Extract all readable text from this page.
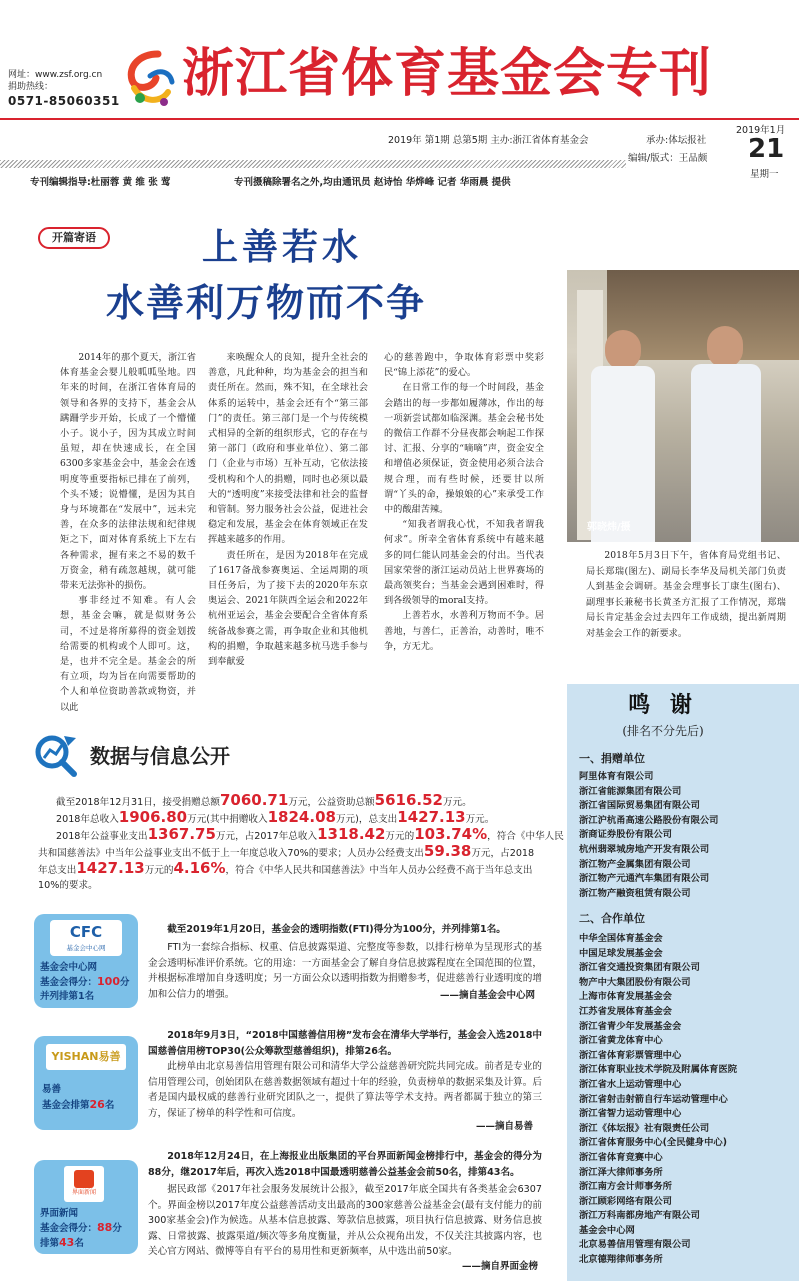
网址：www.zsf.org.cn
捐助热线：
0571-85060351 浙江省体育基金会专刊
2019年 第1期 总第5期 主办:浙江省体育基金会	承办:体坛报社
编辑/版式：王品颇
2019年1月
21
星期一
专刊编辑指导:杜丽蓉 黄 维 张 莺	专刊摄稿除署名之外,均由通讯员 赵诗怡 华烨峰 记者 华雨晨 提供
开篇寄语	上善若水
水善利万物而不争

2014年的那个夏天，浙江省体育基金会婴儿般呱呱坠地。四年来的时间，在浙江省体育局的领导和各界的支持下，基金会从蹒跚学步开始，长成了一个懵懂小子。说小子，因为其成立时间虽短，却在快速成长，在全国6300多家基金会中，基金会在透明度等重要指标已排在了前列，个头不矮；说懵懂，是因为其自身与环境都在“发展中”，远未完善，在众多的法律法规和纪律规矩之下，面对体育系统上下左右各种需求，握有来之不易的数千万资金，稍有疏忽越规，就可能带来无法弥补的损伤。

事非经过不知难。有人会想，基金会嘛，就是似财务公司，不过是将所募得的资金划拨给需要的机构或个人即可。这，是，也并不完全是。基金会的所有立项，均为旨在向需要帮助的个人和单位资助善款或物资，并以此

来唤醒众人的良知，提升全社会的善意，凡此种种，均为基金会的担当和责任所在。然而，殊不知，在全球社会体系的运转中，基金会还有个“第三部门”的责任。第三部门是一个与传统模式相异的全新的组织形式，它的存在与第一部门（政府和事业单位）、第二部门（企业与市场）互补互动，它依法接受机构和个人的捐赠，同时也必须以最大的“透明度”来接受法律和社会的监督和管制。努力服务社会公益，促进社会稳定和发展，基金会在体育领域正在发挥越来越多的作用。

责任所在，是因为2018年在完成了1617备战参赛奥运、全运周期的项目任务后，为了接下去的2020年东京奥运会、2021年陕西全运会和2022年杭州亚运会，基金会要配合全省体育系统备战参赛之需，再争取企业和其他机构的捐赠，争取越来越多杭马选手参与到奉献爱

心的慈善跑中，争取体育彩票中奖彩民“锦上添花”的爱心。

在日常工作的每一个时间段，基金会踏出的每一步都如履薄冰，作出的每一项新尝试都如临深渊。基金会秘书处的微信工作群不分昼夜都会响起工作探讨、汇报、分享的“嘀嘀”声，资金安全和增值必须保证，资金使用必须合法合规合理，而有些时候，还要甘以所谓“丫头的命，操娘娘的心”来承受工作中的酸甜苦辣。

“知我者谓我心忧，不知我者谓我何求”。所幸全省体育系统中有越来越多的同仁能认同基金会的付出。当代表国家荣誉的浙江运动员站上世界赛场的最高领奖台；当基金会遇到困难时，得到各级领导的moral支持。

上善若水，水善利万物而不争。居善地，与善仁，正善治，动善时，唯不争，方无尤。

郭晓炜/摄
2018年5月3日下午，省体育局党组书记、局长郑瑞(图左)、副局长李华及局机关部门负责人到基金会调研。基金会理事长丁康生(图右)、副理事长兼秘书长黄圣方汇报了工作情况，郑瑞局长肯定基金会过去四年工作成绩，提出新周期对基金会工作的新要求。
数据与信息公开
截至2018年12月31日，接受捐赠总额7060.71万元，公益资助总额5616.52万元。
2018年总收入1906.80万元(其中捐赠收入1824.08万元)，总支出1427.13万元。
2018年公益事业支出1367.75万元，占2017年总收入1318.42万元的103.74%，符合《中华人民
共和国慈善法》中当年公益事业支出不低于上一年度总收入70%的要求；人员办公经费支出59.38万元，占2018
年总支出1427.13万元的4.16%，符合《中华人民共和国慈善法》中当年人员办公经费不高于当年总支出
10%的要求。
CFC
基金会中心网
基金会中心网
基金会得分：100分
并列排第1名
截至2019年1月20日，基金会的透明指数(FTI)得分为100分，并列排第1名。
FTI为一套综合指标、权重、信息披露渠道、完整度等参数，以排行榜单为呈现形式的基金会透明标准评价系统。它的用途：一方面基金会了解自身信息披露程度在全国范围的位置，并根据标准增加自身透明度；另一方面公众以透明指数为捐赠参考，促进慈善行业透明度的增加和公信力的增强。	——摘自基金会中心网
YISHAN易善
易善
基金会排第26名
2018年9月3日，“2018中国慈善信用榜”发布会在清华大学举行，基金会入选2018中国慈善信用榜TOP30(公众筹款型慈善组织)，排第26名。
此榜单由北京易善信用管理有限公司和清华大学公益慈善研究院共同完成。前者是专业的信用管理公司，创始团队在慈善数据领域有超过十年的经验，负责榜单的数据采集及计算。后者是国内最权威的慈善行业研究团队之一，提供了算法等学术支持。两者都属于独立的第三方，保证了榜单的科学性和可信度。
——摘自易善
界面新闻
界面新闻
基金会得分：88分
排第43名
2018年12月24日，在上海报业出版集团的平台界面新闻金榜排行中，基金会的得分为88分，继2017年后，再次入选2018中国最透明慈善公益基金会前50名，排第43名。
据民政部《2017年社会服务发展统计公报》，截至2017年底全国共有各类基金会6307个。界面金榜以2017年度公益慈善活动支出最高的300家慈善公益基金会(最有支付能力的前300家基金会)作为候选。从基本信息披露、筹款信息披露，项目执行信息披露、财务信息披露、日常披露、披露渠道/频次等多角度衡量，并从公众视角出发，不仅关注其披露内容，也关心官方网站、微博等自有平台的易用性和更新频率，从中选出前50家。
——摘自界面金榜
鸣 谢
(排名不分先后)
一、捐赠单位
阿里体育有限公司
浙江省能源集团有限公司
浙江省国际贸易集团有限公司
浙江沪杭甬高速公路股份有限公司
浙商证券股份有限公司
杭州翡翠城房地产开发有限公司
浙江物产金属集团有限公司
浙江物产元通汽车集团有限公司
浙江物产融资租赁有限公司
二、合作单位
中华全国体育基金会
中国足球发展基金会
浙江省交通投资集团有限公司
物产中大集团股份有限公司
上海市体育发展基金会
江苏省发展体育基金会
浙江省青少年发展基金会
浙江省黄龙体育中心
浙江省体育彩票管理中心
浙江体育职业技术学院及附属体育医院
浙江省水上运动管理中心
浙江省射击射箭自行车运动管理中心
浙江省智力运动管理中心
浙江《体坛报》社有限责任公司
浙江省体育服务中心(全民健身中心)
浙江省体育竞赛中心
浙江泽大律师事务所
浙江南方会计师事务所
浙江顾彩网络有限公司
浙江万科南都房地产有限公司
基金会中心网
北京易善信用管理有限公司
北京德翔律师事务所
